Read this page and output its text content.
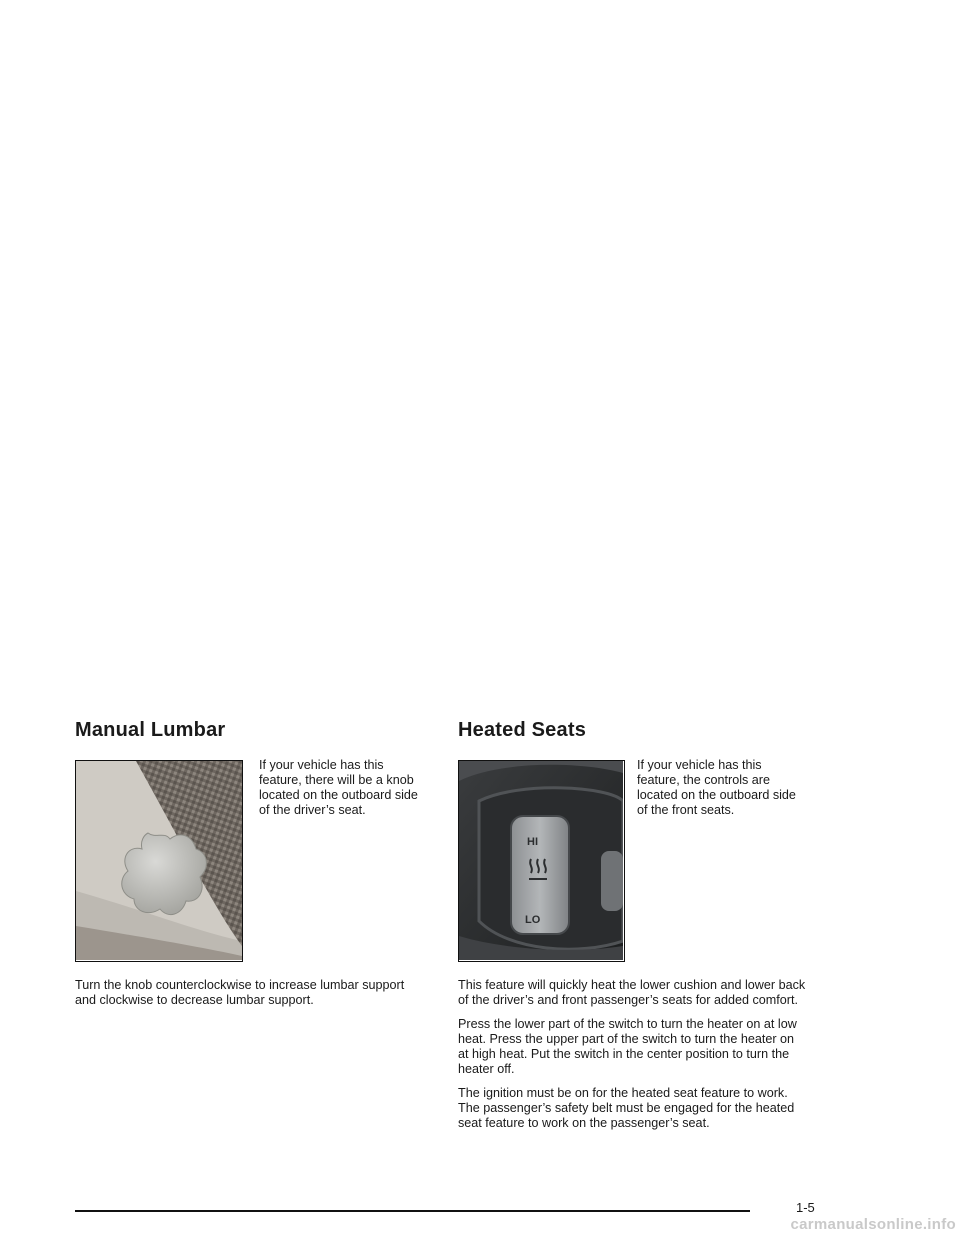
Manual Lumbar

If your vehicle has this feature, there will be a knob located on the outboard side of the driver’s seat.

Turn the knob counterclockwise to increase lumbar support and clockwise to decrease lumbar support.

Heated Seats
HI
LO

If your vehicle has this feature, the controls are located on the outboard side of the front seats.

This feature will quickly heat the lower cushion and lower back of the driver’s and front passenger’s seats for added comfort.

Press the lower part of the switch to turn the heater on at low heat. Press the upper part of the switch to turn the heater on at high heat. Put the switch in the center position to turn the heater off.

The ignition must be on for the heated seat feature to work. The passenger’s safety belt must be engaged for the heated seat feature to work on the passenger’s seat.

1-5
carmanualsonline.info
